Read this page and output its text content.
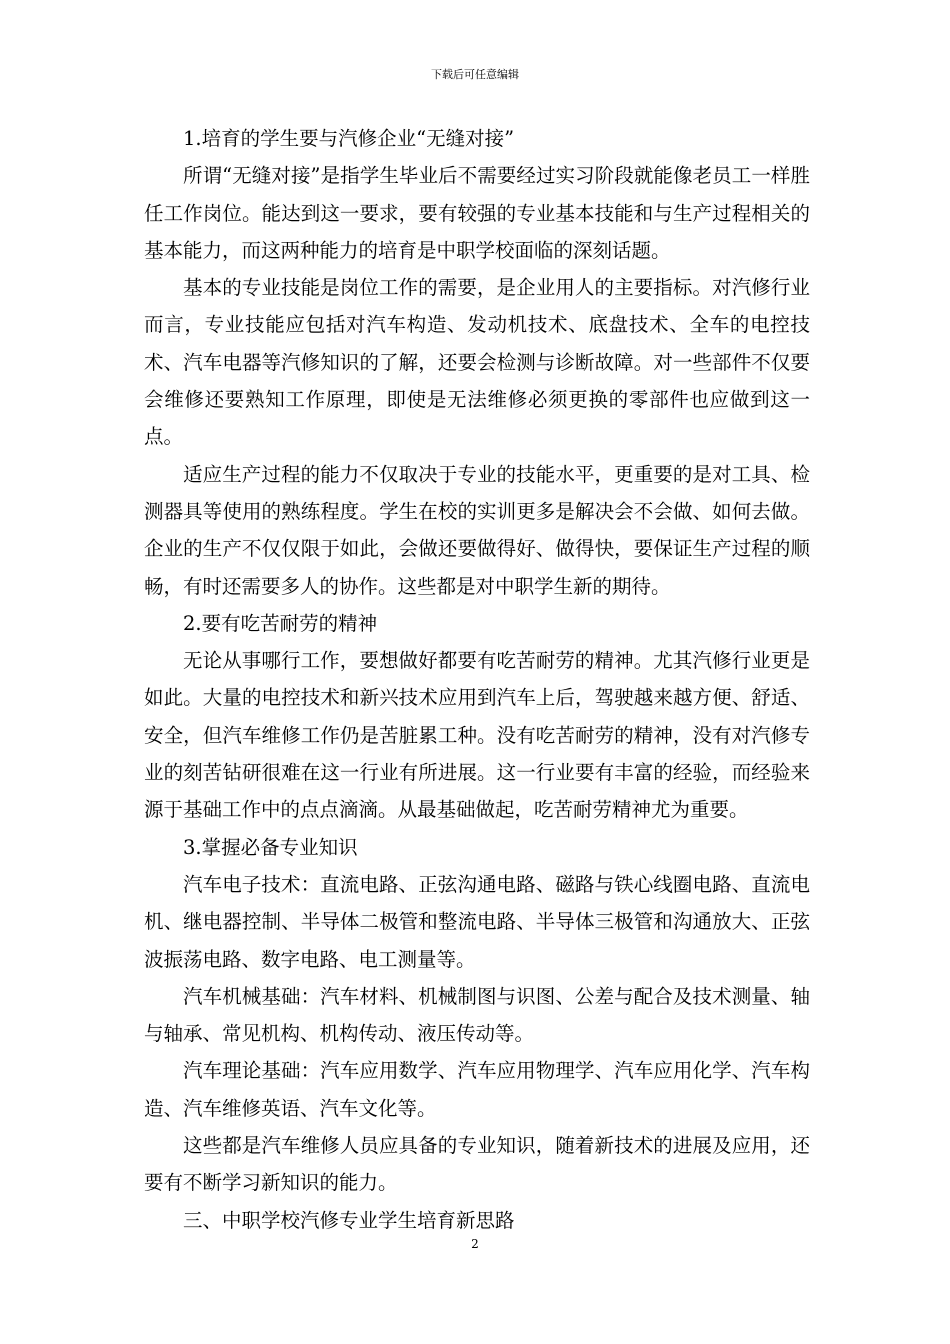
下载后可任意编辑

1.培育的学生要与汽修企业“无缝对接”

所谓“无缝对接”是指学生毕业后不需要经过实习阶段就能像老员工一样胜任工作岗位。能达到这一要求，要有较强的专业基本技能和与生产过程相关的基本能力，而这两种能力的培育是中职学校面临的深刻话题。

基本的专业技能是岗位工作的需要，是企业用人的主要指标。对汽修行业而言，专业技能应包括对汽车构造、发动机技术、底盘技术、全车的电控技术、汽车电器等汽修知识的了解，还要会检测与诊断故障。对一些部件不仅要会维修还要熟知工作原理，即使是无法维修必须更换的零部件也应做到这一点。

适应生产过程的能力不仅取决于专业的技能水平，更重要的是对工具、检测器具等使用的熟练程度。学生在校的实训更多是解决会不会做、如何去做。企业的生产不仅仅限于如此，会做还要做得好、做得快，要保证生产过程的顺畅，有时还需要多人的协作。这些都是对中职学生新的期待。

2.要有吃苦耐劳的精神

无论从事哪行工作，要想做好都要有吃苦耐劳的精神。尤其汽修行业更是如此。大量的电控技术和新兴技术应用到汽车上后，驾驶越来越方便、舒适、安全，但汽车维修工作仍是苦脏累工种。没有吃苦耐劳的精神，没有对汽修专业的刻苦钻研很难在这一行业有所进展。这一行业要有丰富的经验，而经验来源于基础工作中的点点滴滴。从最基础做起，吃苦耐劳精神尤为重要。

3.掌握必备专业知识

汽车电子技术：直流电路、正弦沟通电路、磁路与铁心线圈电路、直流电机、继电器控制、半导体二极管和整流电路、半导体三极管和沟通放大、正弦波振荡电路、数字电路、电工测量等。

汽车机械基础：汽车材料、机械制图与识图、公差与配合及技术测量、轴与轴承、常见机构、机构传动、液压传动等。

汽车理论基础：汽车应用数学、汽车应用物理学、汽车应用化学、汽车构造、汽车维修英语、汽车文化等。

这些都是汽车维修人员应具备的专业知识，随着新技术的进展及应用，还要有不断学习新知识的能力。

三、中职学校汽修专业学生培育新思路

2
